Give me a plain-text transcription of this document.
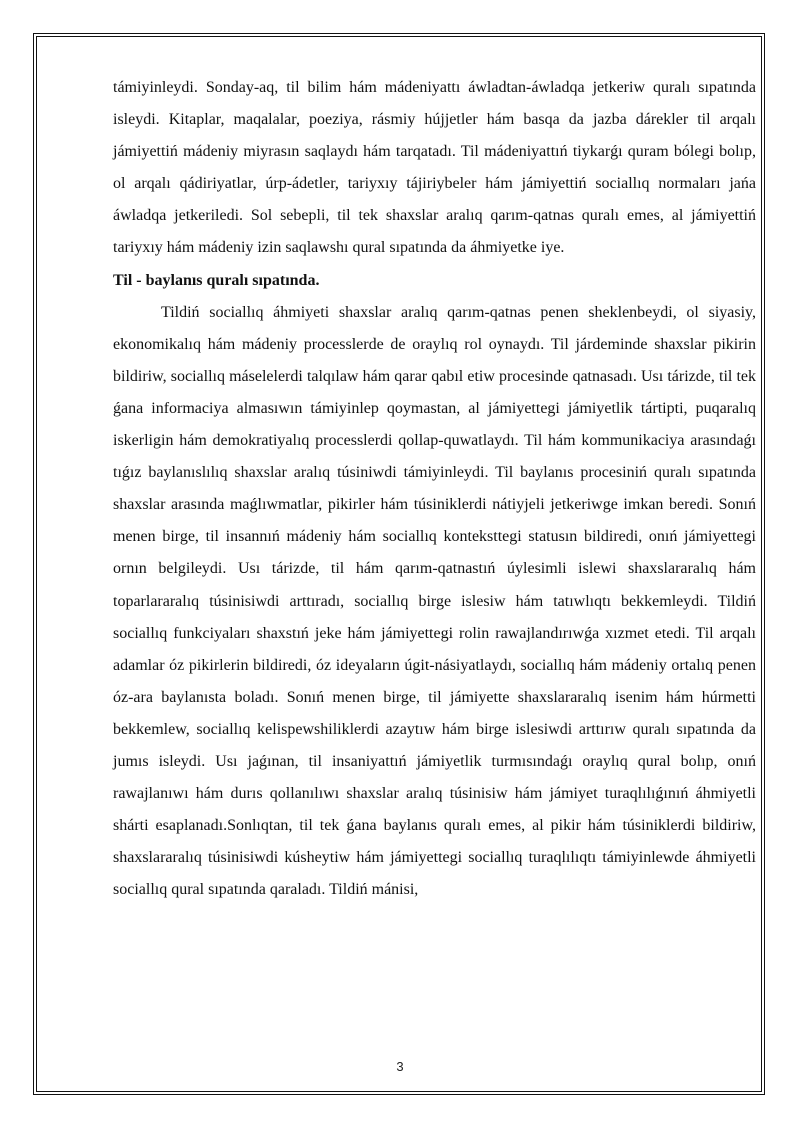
támiyinleydi. Sonday-aq, til bilim hám mádeniyattı áwladtan-áwladqa jetkeriw quralı sıpatında isleydi. Kitaplar, maqalalar, poeziya, rásmiy hújjetler hám basqa da jazba dárekler til arqalı jámiyettiń mádeniy miyrasın saqlaydı hám tarqatadı. Til mádeniyattıń tiykarǵı quram bólegi bolıp, ol arqalı qádiriyatlar, úrp-ádetler, tariyxıy tájiriybeler hám jámiyettiń sociallıq normaları jańa áwladqa jetkeriledi. Sol sebepli, til tek shaxslar aralıq qarım-qatnas quralı emes, al jámiyettiń tariyxıy hám mádeniy izin saqlawshı qural sıpatında da áhmiyetke iye.

Til - baylanıs quralı sıpatında.

Tildiń sociallıq áhmiyeti shaxslar aralıq qarım-qatnas penen sheklenbeydi, ol siyasiy, ekonomikalıq hám mádeniy processlerde de oraylıq rol oynaydı. Til járdeminde shaxslar pikirin bildiriw, sociallıq máselelerdi talqılaw hám qarar qabıl etiw procesinde qatnasadı. Usı tárizde, til tek ǵana informaciya almasıwın támiyinlep qoymastan, al jámiyettegi jámiyetlik tártipti, puqaralıq iskerligin hám demokratiyalıq processlerdi qollap-quwatlaydı. Til hám kommunikaciya arasındaǵı tıǵız baylanıslılıq shaxslar aralıq túsiniwdi támiyinleydi. Til baylanıs procesiniń quralı sıpatında shaxslar arasında maǵlıwmatlar, pikirler hám túsiniklerdi nátiyjeli jetkeriwge imkan beredi. Sonıń menen birge, til insannıń mádeniy hám sociallıq konteksttegi statusın bildiredi, onıń jámiyettegi ornın belgileydi. Usı tárizde, til hám qarım-qatnastıń úylesimli islewi shaxslararalıq hám toparlararalıq túsinisiwdi arttıradı, sociallıq birge islesiw hám tatıwlıqtı bekkemleydi. Tildiń sociallıq funkciyaları shaxstıń jeke hám jámiyettegi rolin rawajlandırıwǵa xızmet etedi. Til arqalı adamlar óz pikirlerin bildiredi, óz ideyaların úgit-násiyatlaydı, sociallıq hám mádeniy ortalıq penen óz-ara baylanısta boladı. Sonıń menen birge, til jámiyette shaxslararalıq isenim hám húrmetti bekkemlew, sociallıq kelispewshiliklerdi azaytıw hám birge islesiwdi arttırıw quralı sıpatında da jumıs isleydi. Usı jaǵınan, til insaniyattıń jámiyetlik turmısındaǵı oraylıq qural bolıp, onıń rawajlanıwı hám durıs qollanılıwı shaxslar aralıq túsinisiw hám jámiyet turaqlılıǵınıń áhmiyetli shárti esaplanadı.Sonlıqtan, til tek ǵana baylanıs quralı emes, al pikir hám túsiniklerdi bildiriw, shaxslararalıq túsinisiwdi kúsheytiw hám jámiyettegi sociallıq turaqlılıqtı támiyinlewde áhmiyetli sociallıq qural sıpatında qaraladı. Tildiń mánisi,

3
